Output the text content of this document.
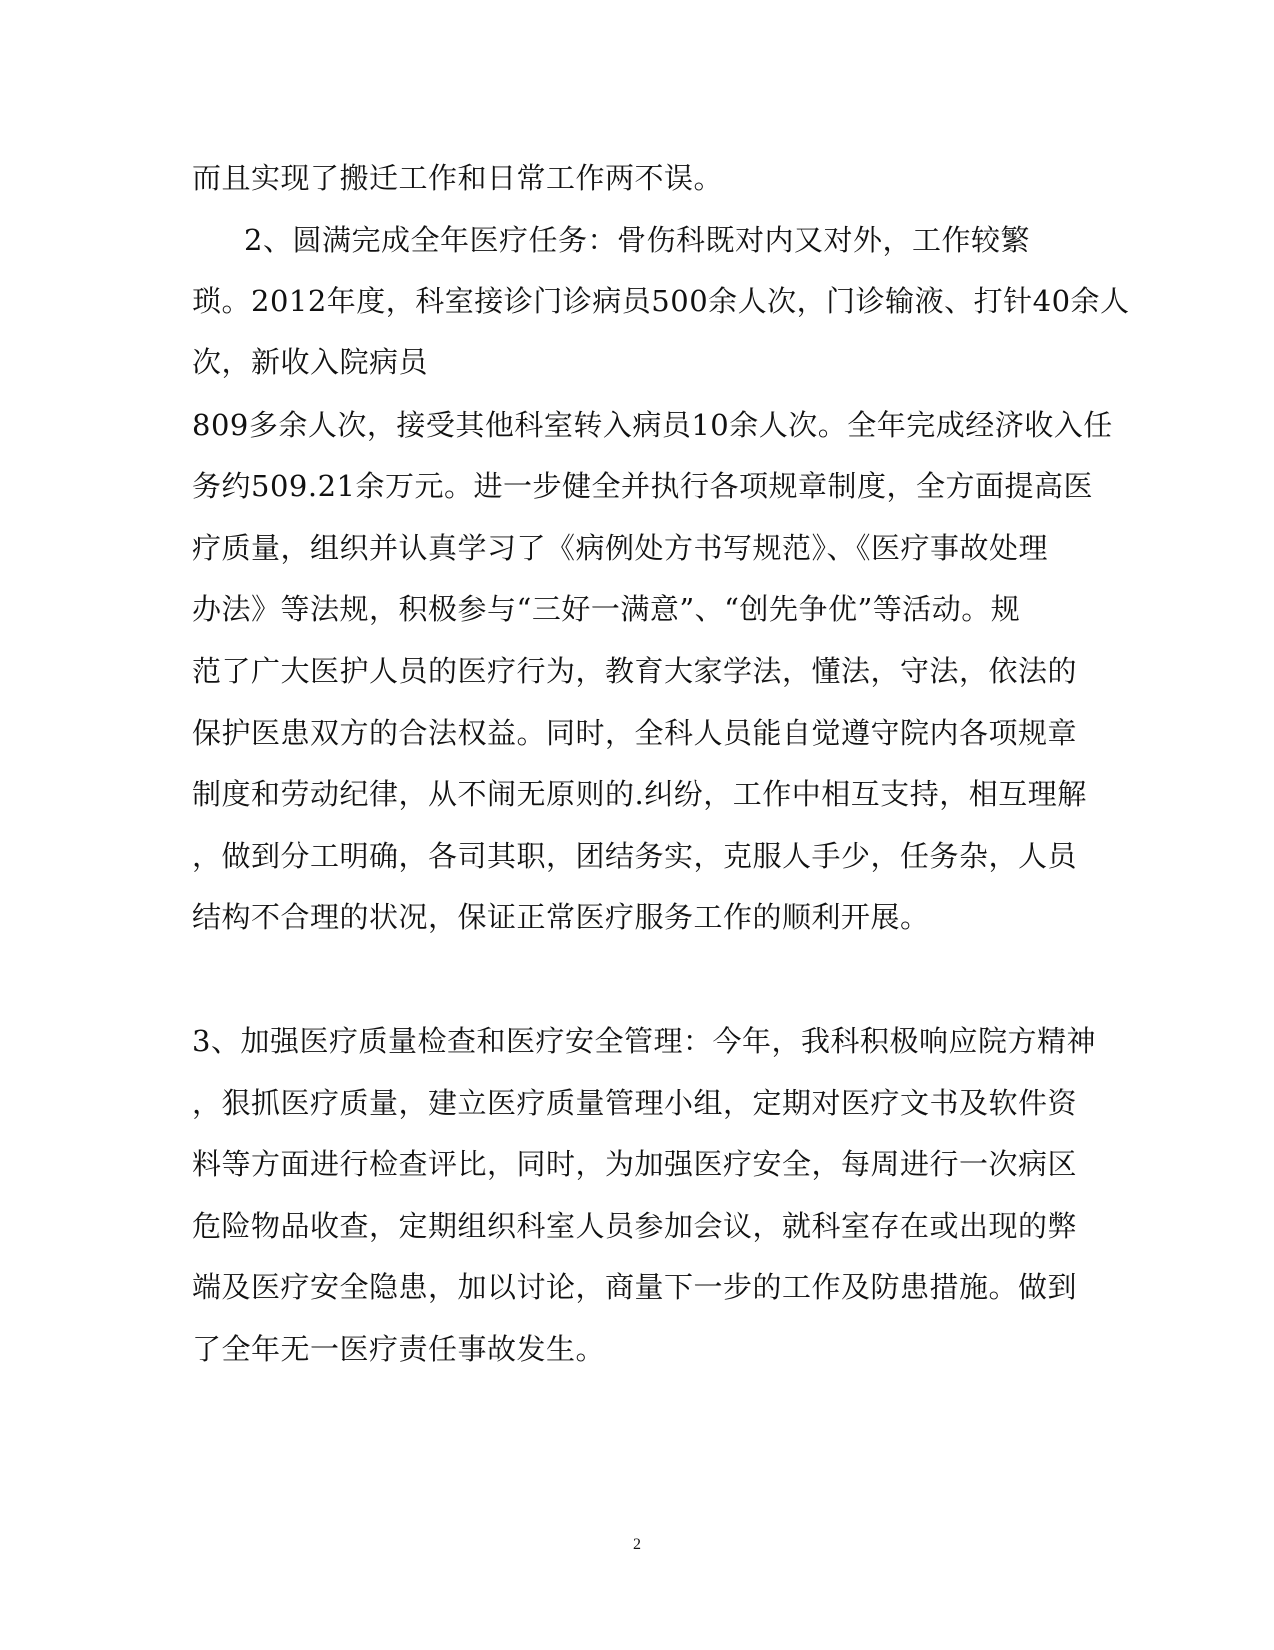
而且实现了搬迁工作和日常工作两不误。
2、圆满完成全年医疗任务：骨伤科既对内又对外，工作较繁
琐。2012年度，科室接诊门诊病员500余人次，门诊输液、打针40余人
次，新收入院病员
809多余人次，接受其他科室转入病员10余人次。全年完成经济收入任
务约509.21余万元。进一步健全并执行各项规章制度，全方面提高医
疗质量，组织并认真学习了《病例处方书写规范》、《医疗事故处理
办法》等法规，积极参与“三好一满意”、“创先争优”等活动。规
范了广大医护人员的医疗行为，教育大家学法，懂法，守法，依法的
保护医患双方的合法权益。同时，全科人员能自觉遵守院内各项规章
制度和劳动纪律，从不闹无原则的.纠纷，工作中相互支持，相互理解
，做到分工明确，各司其职，团结务实，克服人手少，任务杂，人员
结构不合理的状况，保证正常医疗服务工作的顺利开展。
3、加强医疗质量检查和医疗安全管理：今年，我科积极响应院方精神
，狠抓医疗质量，建立医疗质量管理小组，定期对医疗文书及软件资
料等方面进行检查评比，同时，为加强医疗安全，每周进行一次病区
危险物品收查，定期组织科室人员参加会议，就科室存在或出现的弊
端及医疗安全隐患，加以讨论，商量下一步的工作及防患措施。做到
了全年无一医疗责任事故发生。
2
